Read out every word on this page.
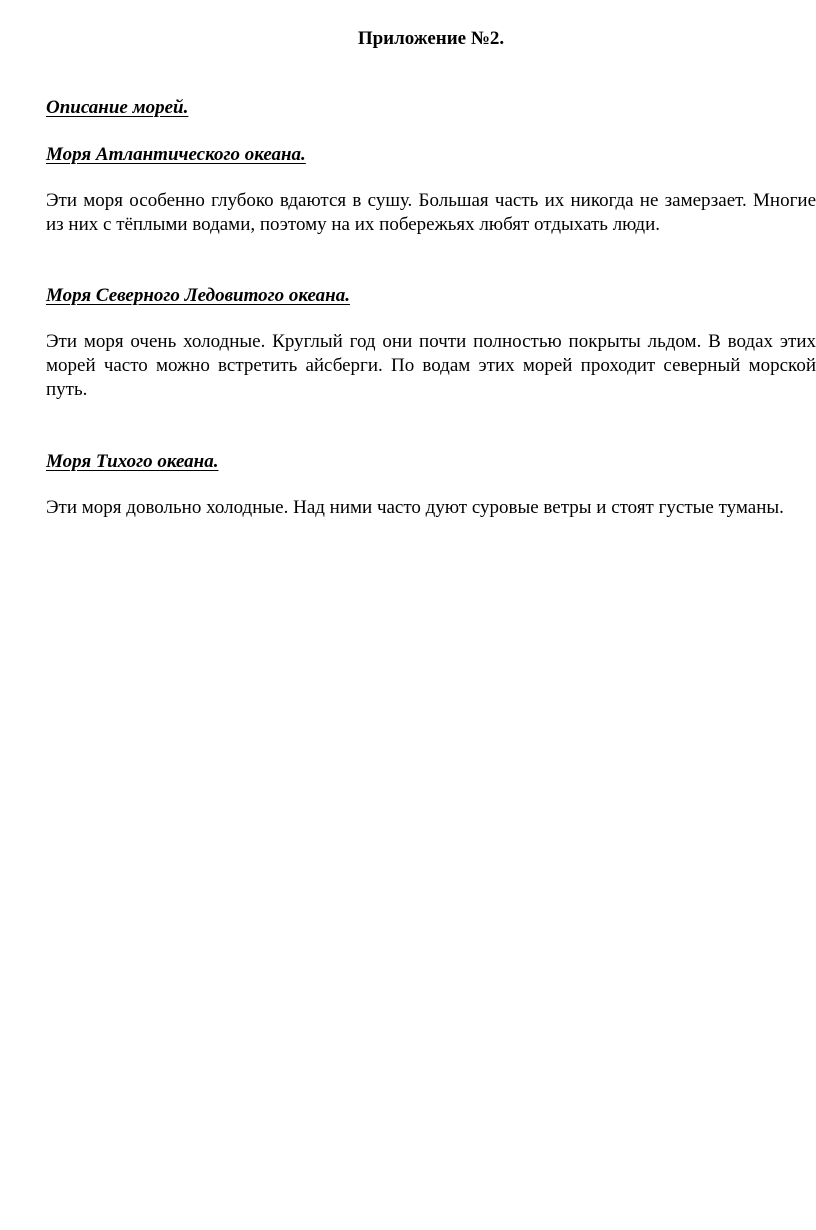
Приложение №2.
Описание морей.
Моря Атлантического океана.

Эти моря особенно глубоко вдаются в сушу. Большая часть их никогда не замерзает. Многие из них с тёплыми водами, поэтому на их побережьях любят отдыхать люди.

Моря Северного Ледовитого океана.

Эти моря очень холодные. Круглый год они почти полностью покрыты льдом. В водах этих морей часто можно встретить айсберги. По водам этих морей проходит северный морской путь.

Моря Тихого океана.

Эти моря довольно холодные. Над ними часто дуют суровые ветры и стоят густые туманы.
